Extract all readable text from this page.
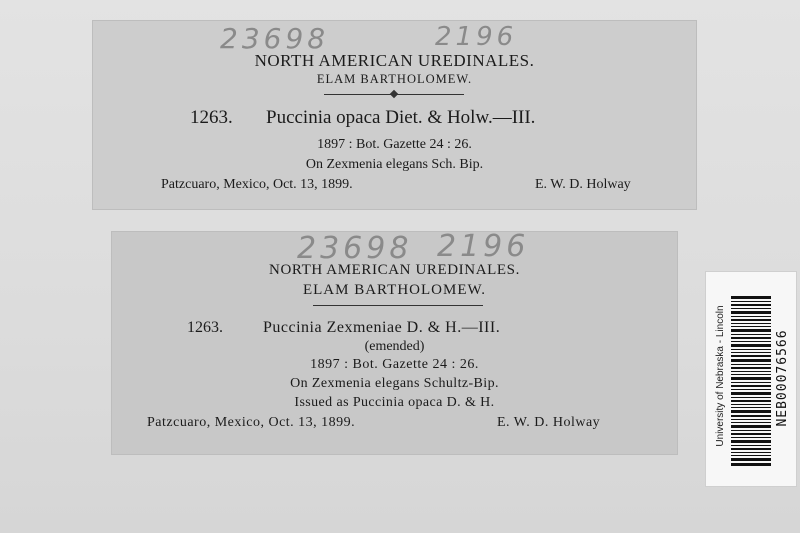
23698	2196
NORTH AMERICAN UREDINALES.
ELAM BARTHOLOMEW.
1263. Puccinia opaca Diet. & Holw.—III.
1897 : Bot. Gazette 24 : 26.
On Zexmenia elegans Sch. Bip.
Patzcuaro, Mexico, Oct. 13, 1899.	E. W. D. Holway
23698 2196
NORTH AMERICAN UREDINALES.
ELAM BARTHOLOMEW.
1263.	Puccinia Zexmeniae D. & H.—III.
(emended)
1897 : Bot. Gazette 24 : 26.
On Zexmenia elegans Schultz-Bip.
Issued as Puccinia opaca D. & H.
Patzcuaro, Mexico, Oct. 13, 1899.	E. W. D. Holway	University of Nebraska - Lincoln	NEB00076566
